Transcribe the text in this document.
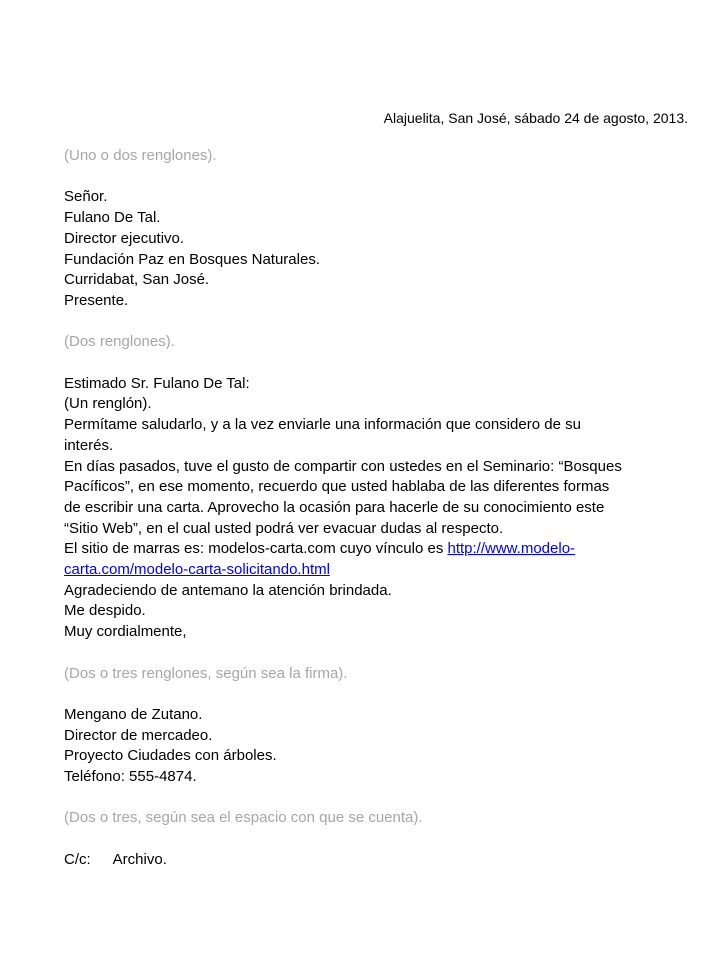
Alajuelita, San José, sábado 24 de agosto, 2013.
(Uno o dos renglones).
Señor.
Fulano De Tal.
Director ejecutivo.
Fundación Paz en Bosques Naturales.
Curridabat, San José.
Presente.
(Dos renglones).
Estimado Sr. Fulano De Tal:
(Un renglón).
Permítame saludarlo, y a la vez enviarle una información que considero de su
interés.
En días pasados, tuve el gusto de compartir con ustedes en el Seminario: “Bosques
Pacíficos”, en ese momento, recuerdo que usted hablaba de las diferentes formas
de escribir una carta. Aprovecho la ocasión para hacerle de su conocimiento este
“Sitio Web”, en el cual usted podrá ver evacuar dudas al respecto.
El sitio de marras es: modelos-carta.com cuyo vínculo es http://www.modelo-
carta.com/modelo-carta-solicitando.html
Agradeciendo de antemano la atención brindada.
Me despido.
Muy cordialmente,
(Dos o tres renglones, según sea la firma).
Mengano de Zutano.
Director de mercadeo.
Proyecto Ciudades con árboles.
Teléfono: 555-4874.
(Dos o tres, según sea el espacio con que se cuenta).
C/c: Archivo.
